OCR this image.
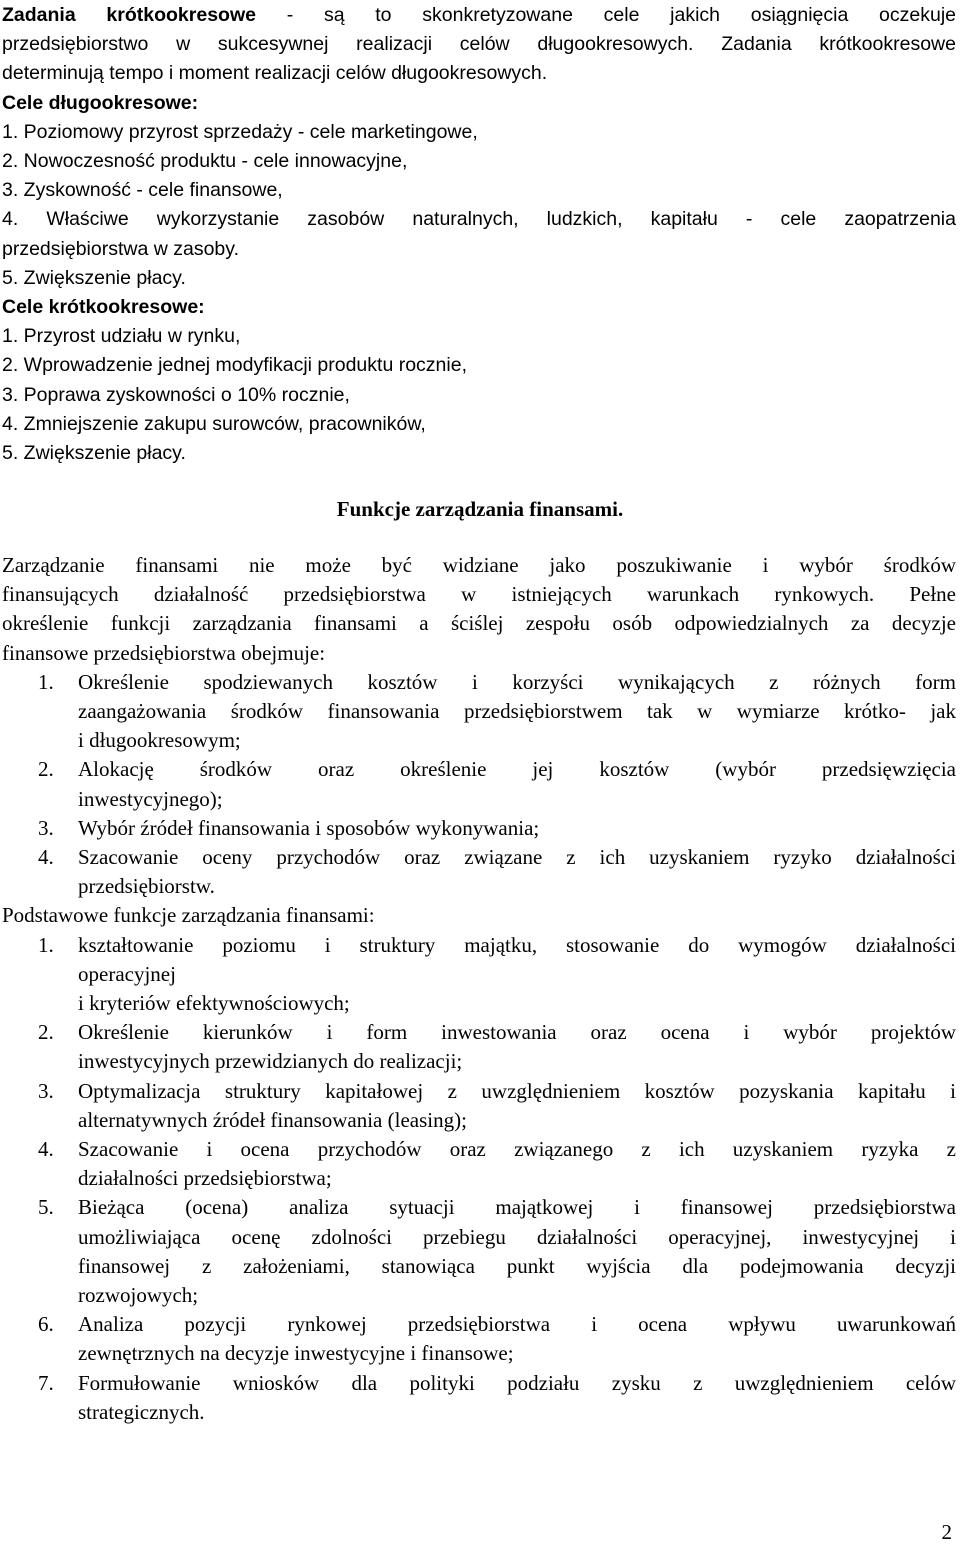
Zadania krótkookresowe - są to skonkretyzowane cele jakich osiągnięcia oczekuje

przedsiębiorstwo w sukcesywnej realizacji celów długookresowych. Zadania krótkookresowe

determinują tempo i moment realizacji celów długookresowych.

Cele długookresowe:

1. Poziomowy przyrost sprzedaży - cele marketingowe,

2. Nowoczesność produktu - cele innowacyjne,

3. Zyskowność - cele finansowe,

4. Właściwe wykorzystanie zasobów naturalnych, ludzkich, kapitału - cele zaopatrzenia

przedsiębiorstwa w zasoby.

5. Zwiększenie płacy.

Cele krótkookresowe:

1. Przyrost udziału w rynku,

2. Wprowadzenie jednej modyfikacji produktu rocznie,

3. Poprawa zyskowności o 10% rocznie,

4. Zmniejszenie zakupu surowców, pracowników,

5. Zwiększenie płacy.

Funkcje zarządzania finansami.

Zarządzanie finansami nie może być widziane jako poszukiwanie i wybór środków

finansujących działalność przedsiębiorstwa w istniejących warunkach rynkowych. Pełne

określenie funkcji zarządzania finansami a ściślej zespołu osób odpowiedzialnych za decyzje

finansowe przedsiębiorstwa obejmuje:

1. Określenie spodziewanych kosztów i korzyści wynikających z różnych form

zaangażowania środków finansowania przedsiębiorstwem tak w wymiarze krótko- jak

i długookresowym;

2. Alokację środków oraz określenie jej kosztów (wybór przedsięwzięcia

inwestycyjnego);

3. Wybór źródeł finansowania i sposobów wykonywania;

4. Szacowanie oceny przychodów oraz związane z ich uzyskaniem ryzyko działalności

przedsiębiorstw.

Podstawowe funkcje zarządzania finansami:

1. kształtowanie poziomu i struktury majątku, stosowanie do wymogów działalności

operacyjnej

i kryteriów efektywnościowych;

2. Określenie kierunków i form inwestowania oraz ocena i wybór projektów

inwestycyjnych przewidzianych do realizacji;

3. Optymalizacja struktury kapitałowej z uwzględnieniem kosztów pozyskania kapitału i

alternatywnych źródeł finansowania (leasing);

4. Szacowanie i ocena przychodów oraz związanego z ich uzyskaniem ryzyka z

działalności przedsiębiorstwa;

5. Bieżąca (ocena) analiza sytuacji majątkowej i finansowej przedsiębiorstwa

umożliwiająca ocenę zdolności przebiegu działalności operacyjnej, inwestycyjnej i

finansowej z założeniami, stanowiąca punkt wyjścia dla podejmowania decyzji

rozwojowych;

6. Analiza pozycji rynkowej przedsiębiorstwa i ocena wpływu uwarunkowań

zewnętrznych na decyzje inwestycyjne i finansowe;

7. Formułowanie wniosków dla polityki podziału zysku z uwzględnieniem celów

strategicznych.

2
